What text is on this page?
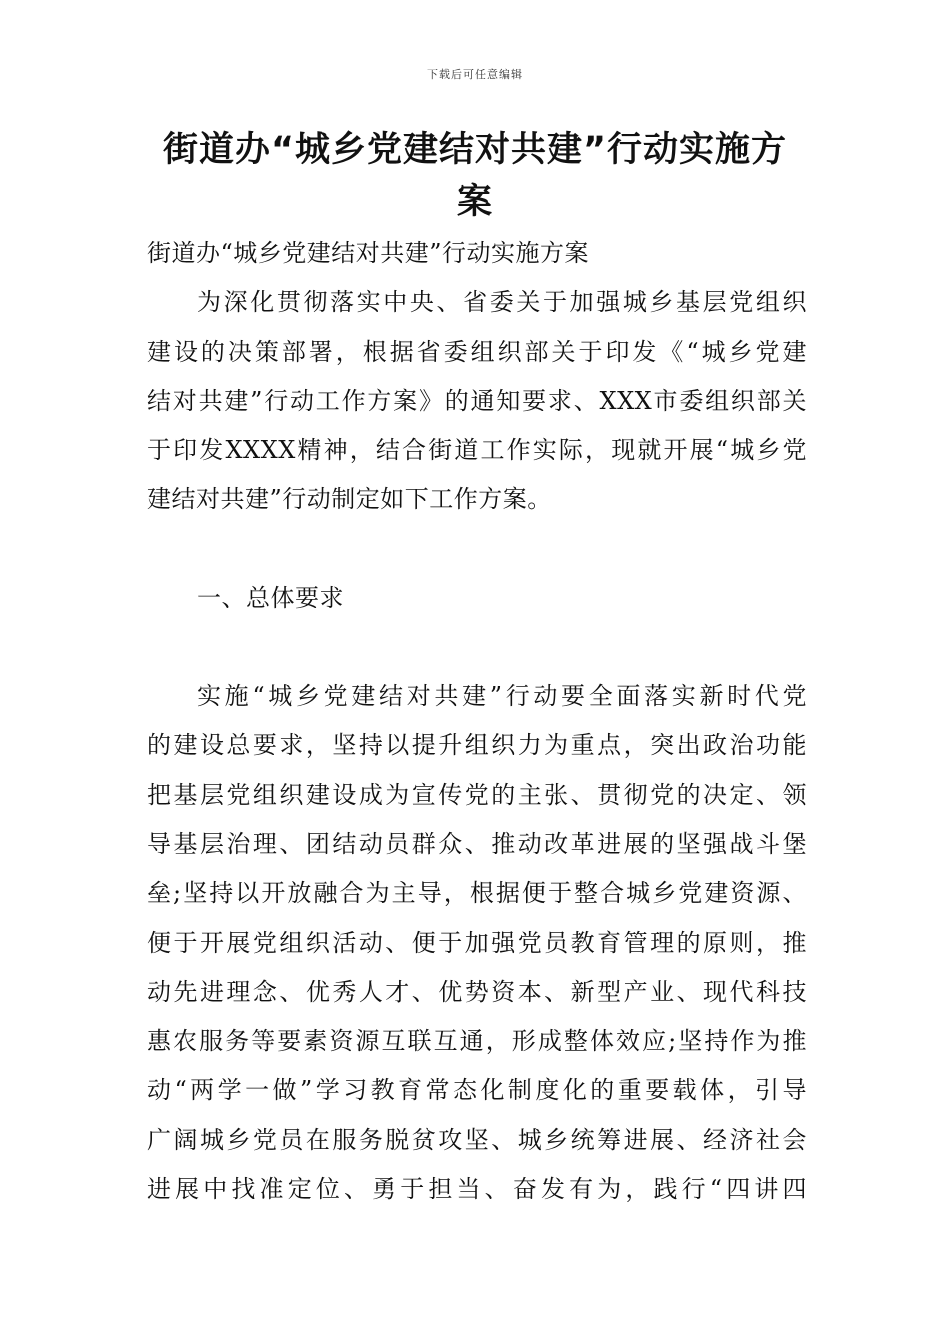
下载后可任意编辑
街道办“城乡党建结对共建”行动实施方案
街道办“城乡党建结对共建”行动实施方案
为深化贯彻落实中央、省委关于加强城乡基层党组织
建设的决策部署，根据省委组织部关于印发《“城乡党建
结对共建”行动工作方案》的通知要求、XXX市委组织部关
于印发XXXX精神，结合街道工作实际，现就开展“城乡党
建结对共建”行动制定如下工作方案。
一、总体要求
实施“城乡党建结对共建”行动要全面落实新时代党
的建设总要求，坚持以提升组织力为重点，突出政治功能
把基层党组织建设成为宣传党的主张、贯彻党的决定、领
导基层治理、团结动员群众、推动改革进展的坚强战斗堡
垒;坚持以开放融合为主导，根据便于整合城乡党建资源、
便于开展党组织活动、便于加强党员教育管理的原则，推
动先进理念、优秀人才、优势资本、新型产业、现代科技
惠农服务等要素资源互联互通，形成整体效应;坚持作为推
动“两学一做”学习教育常态化制度化的重要载体，引导
广阔城乡党员在服务脱贫攻坚、城乡统筹进展、经济社会
进展中找准定位、勇于担当、奋发有为，践行“四讲四
